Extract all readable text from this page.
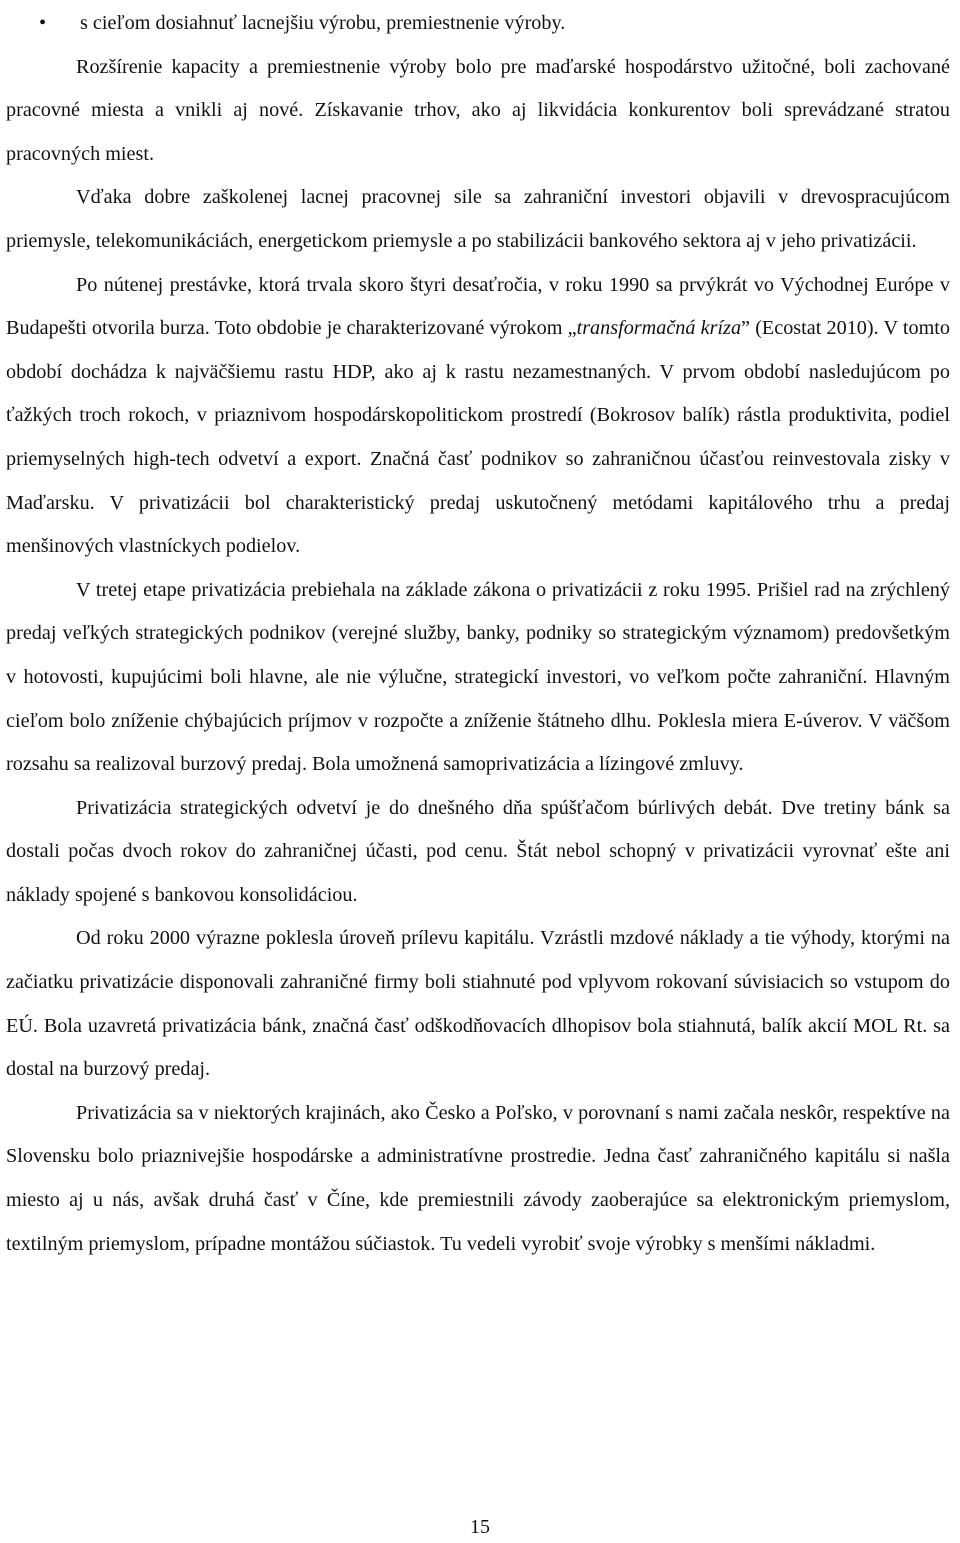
• s cieľom dosiahnuť lacnejšiu výrobu, premiestnenie výroby.

Rozšírenie kapacity a premiestnenie výroby bolo pre maďarské hospodárstvo užitočné, boli zachované pracovné miesta a vnikli aj nové. Získavanie trhov, ako aj likvidácia konkurentov boli sprevádzané stratou pracovných miest.

Vďaka dobre zaškolenej lacnej pracovnej sile sa zahraniční investori objavili v drevospracujúcom priemysle, telekomunikáciách, energetickom priemysle a po stabilizácii bankového sektora aj v jeho privatizácii.

Po nútenej prestávke, ktorá trvala skoro štyri desaťročia, v roku 1990 sa prvýkrát vo Východnej Európe v Budapešti otvorila burza. Toto obdobie je charakterizované výrokom „transformačná kríza” (Ecostat 2010). V tomto období dochádza k najväčšiemu rastu HDP, ako aj k rastu nezamestnaných. V prvom období nasledujúcom po ťažkých troch rokoch, v priaznivom hospodárskopolitickom prostredí (Bokrosov balík) rástla produktivita, podiel priemyselných high-tech odvetví a export. Značná časť podnikov so zahraničnou účasťou reinvestovala zisky v Maďarsku. V privatizácii bol charakteristický predaj uskutočnený metódami kapitálového trhu a predaj menšinových vlastníckych podielov.

V tretej etape privatizácia prebiehala na základe zákona o privatizácii z roku 1995. Prišiel rad na zrýchlený predaj veľkých strategických podnikov (verejné služby, banky, podniky so strategickým významom) predovšetkým v hotovosti, kupujúcimi boli hlavne, ale nie výlučne, strategickí investori, vo veľkom počte zahraniční. Hlavným cieľom bolo zníženie chýbajúcich príjmov v rozpočte a zníženie štátneho dlhu. Poklesla miera E-úverov. V väčšom rozsahu sa realizoval burzový predaj. Bola umožnená samoprivatizácia a lízingové zmluvy.

Privatizácia strategických odvetví je do dnešného dňa spúšťačom búrlivých debát. Dve tretiny bánk sa dostali počas dvoch rokov do zahraničnej účasti, pod cenu. Štát nebol schopný v privatizácii vyrovnať ešte ani náklady spojené s bankovou konsolidáciou.

Od roku 2000 výrazne poklesla úroveň prílevu kapitálu. Vzrástli mzdové náklady a tie výhody, ktorými na začiatku privatizácie disponovali zahraničné firmy boli stiahnuté pod vplyvom rokovaní súvisiacich so vstupom do EÚ. Bola uzavretá privatizácia bánk, značná časť odškodňovacích dlhopisov bola stiahnutá, balík akcií MOL Rt. sa dostal na burzový predaj.

Privatizácia sa v niektorých krajinách, ako Česko a Poľsko, v porovnaní s nami začala neskôr, respektíve na Slovensku bolo priaznivejšie hospodárske a administratívne prostredie. Jedna časť zahraničného kapitálu si našla miesto aj u nás, avšak druhá časť v Číne, kde premiestnili závody zaoberajúce sa elektronickým priemyslom, textilným priemyslom, prípadne montážou súčiastok. Tu vedeli vyrobiť svoje výrobky s menšími nákladmi.

15
